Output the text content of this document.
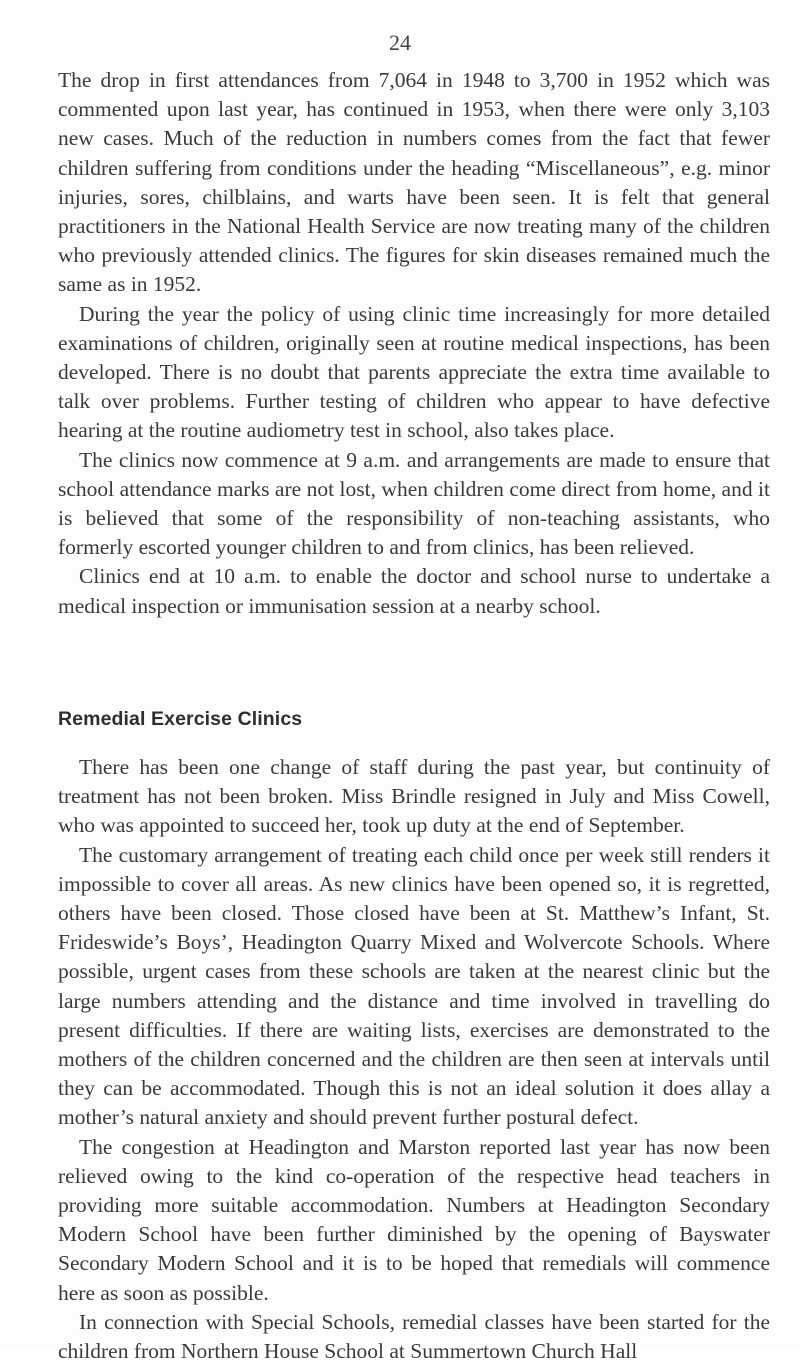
24

The drop in first attendances from 7,064 in 1948 to 3,700 in 1952 which was commented upon last year, has continued in 1953, when there were only 3,103 new cases. Much of the reduction in numbers comes from the fact that fewer children suffering from conditions under the heading “Miscellaneous”, e.g. minor injuries, sores, chilblains, and warts have been seen. It is felt that general practitioners in the National Health Service are now treating many of the children who previously attended clinics. The figures for skin diseases remained much the same as in 1952.

During the year the policy of using clinic time increasingly for more detailed examinations of children, originally seen at routine medical inspections, has been developed. There is no doubt that parents appreciate the extra time available to talk over problems. Further testing of children who appear to have defective hearing at the routine audiometry test in school, also takes place.

The clinics now commence at 9 a.m. and arrangements are made to ensure that school attendance marks are not lost, when children come direct from home, and it is believed that some of the responsibility of non-teaching assistants, who formerly escorted younger children to and from clinics, has been relieved.

Clinics end at 10 a.m. to enable the doctor and school nurse to undertake a medical inspection or immunisation session at a nearby school.

Remedial Exercise Clinics

There has been one change of staff during the past year, but continuity of treatment has not been broken. Miss Brindle resigned in July and Miss Cowell, who was appointed to succeed her, took up duty at the end of September.

The customary arrangement of treating each child once per week still renders it impossible to cover all areas. As new clinics have been opened so, it is regretted, others have been closed. Those closed have been at St. Matthew’s Infant, St. Frideswide’s Boys’, Headington Quarry Mixed and Wolvercote Schools. Where possible, urgent cases from these schools are taken at the nearest clinic but the large numbers attending and the distance and time involved in travelling do present difficulties. If there are waiting lists, exercises are demonstrated to the mothers of the children concerned and the children are then seen at intervals until they can be accommodated. Though this is not an ideal solution it does allay a mother’s natural anxiety and should prevent further postural defect.

The congestion at Headington and Marston reported last year has now been relieved owing to the kind co-operation of the respective head teachers in providing more suitable accommodation. Numbers at Headington Secondary Modern School have been further diminished by the opening of Bayswater Secondary Modern School and it is to be hoped that remedials will commence here as soon as possible.

In connection with Special Schools, remedial classes have been started for the children from Northern House School at Summertown Church Hall
